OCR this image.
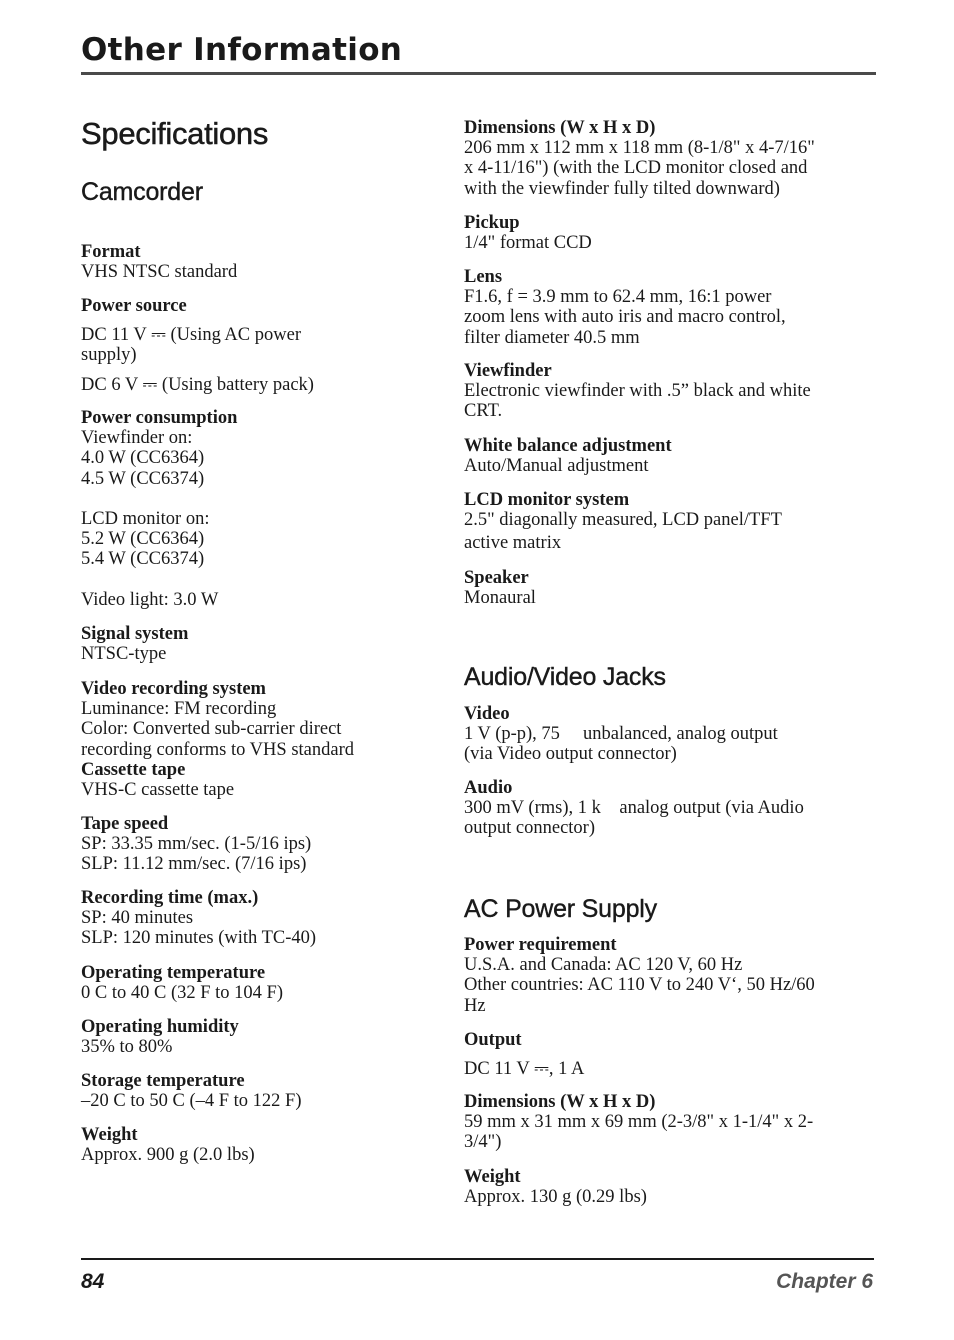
Other Information
Specifications
Camcorder
Format
VHS NTSC standard
Power source
DC 11 V ⎓ (Using AC power
supply)
DC 6 V ⎓ (Using battery pack)
Power consumption
Viewfinder on:
4.0 W (CC6364)
4.5 W (CC6374)
LCD monitor on:
5.2 W (CC6364)
5.4 W (CC6374)
Video light: 3.0 W
Signal system
NTSC-type
Video recording system
Luminance: FM recording
Color: Converted sub-carrier direct
recording conforms to VHS standard
Cassette tape
VHS-C cassette tape
Tape speed
SP: 33.35 mm/sec. (1-5/16 ips)
SLP: 11.12 mm/sec. (7/16 ips)
Recording time (max.)
SP: 40 minutes
SLP: 120 minutes (with TC-40)
Operating temperature
0 C to 40 C (32 F to 104 F)
Operating humidity
35% to 80%
Storage temperature
–20 C to 50 C (–4 F to 122 F)
Weight
Approx. 900 g (2.0 lbs)
Dimensions (W x H x D)
206 mm x 112 mm x 118 mm (8-1/8" x 4-7/16"
x 4-11/16") (with the LCD monitor closed and
with the viewfinder fully tilted downward)
Pickup
1/4" format CCD
Lens
F1.6, f = 3.9 mm to 62.4 mm, 16:1 power
zoom lens with auto iris and macro control,
filter diameter 40.5 mm
Viewfinder
Electronic viewfinder with .5” black and white
CRT.
White balance adjustment
Auto/Manual adjustment
LCD monitor system
2.5" diagonally measured, LCD panel/TFT
active matrix
Speaker
Monaural
Audio/Video Jacks
Video
1 V (p-p), 75     unbalanced, analog output
(via Video output connector)
Audio
300 mV (rms), 1 k    analog output (via Audio
output connector)
AC Power Supply
Power requirement
U.S.A. and Canada: AC 120 V, 60 Hz
Other countries: AC 110 V to 240 V‘, 50 Hz/60
Hz
Output
DC 11 V ⎓, 1 A
Dimensions (W x H x D)
59 mm x 31 mm x 69 mm (2-3/8" x 1-1/4" x 2-
3/4")
Weight
Approx. 130 g (0.29 lbs)
84	Chapter 6
